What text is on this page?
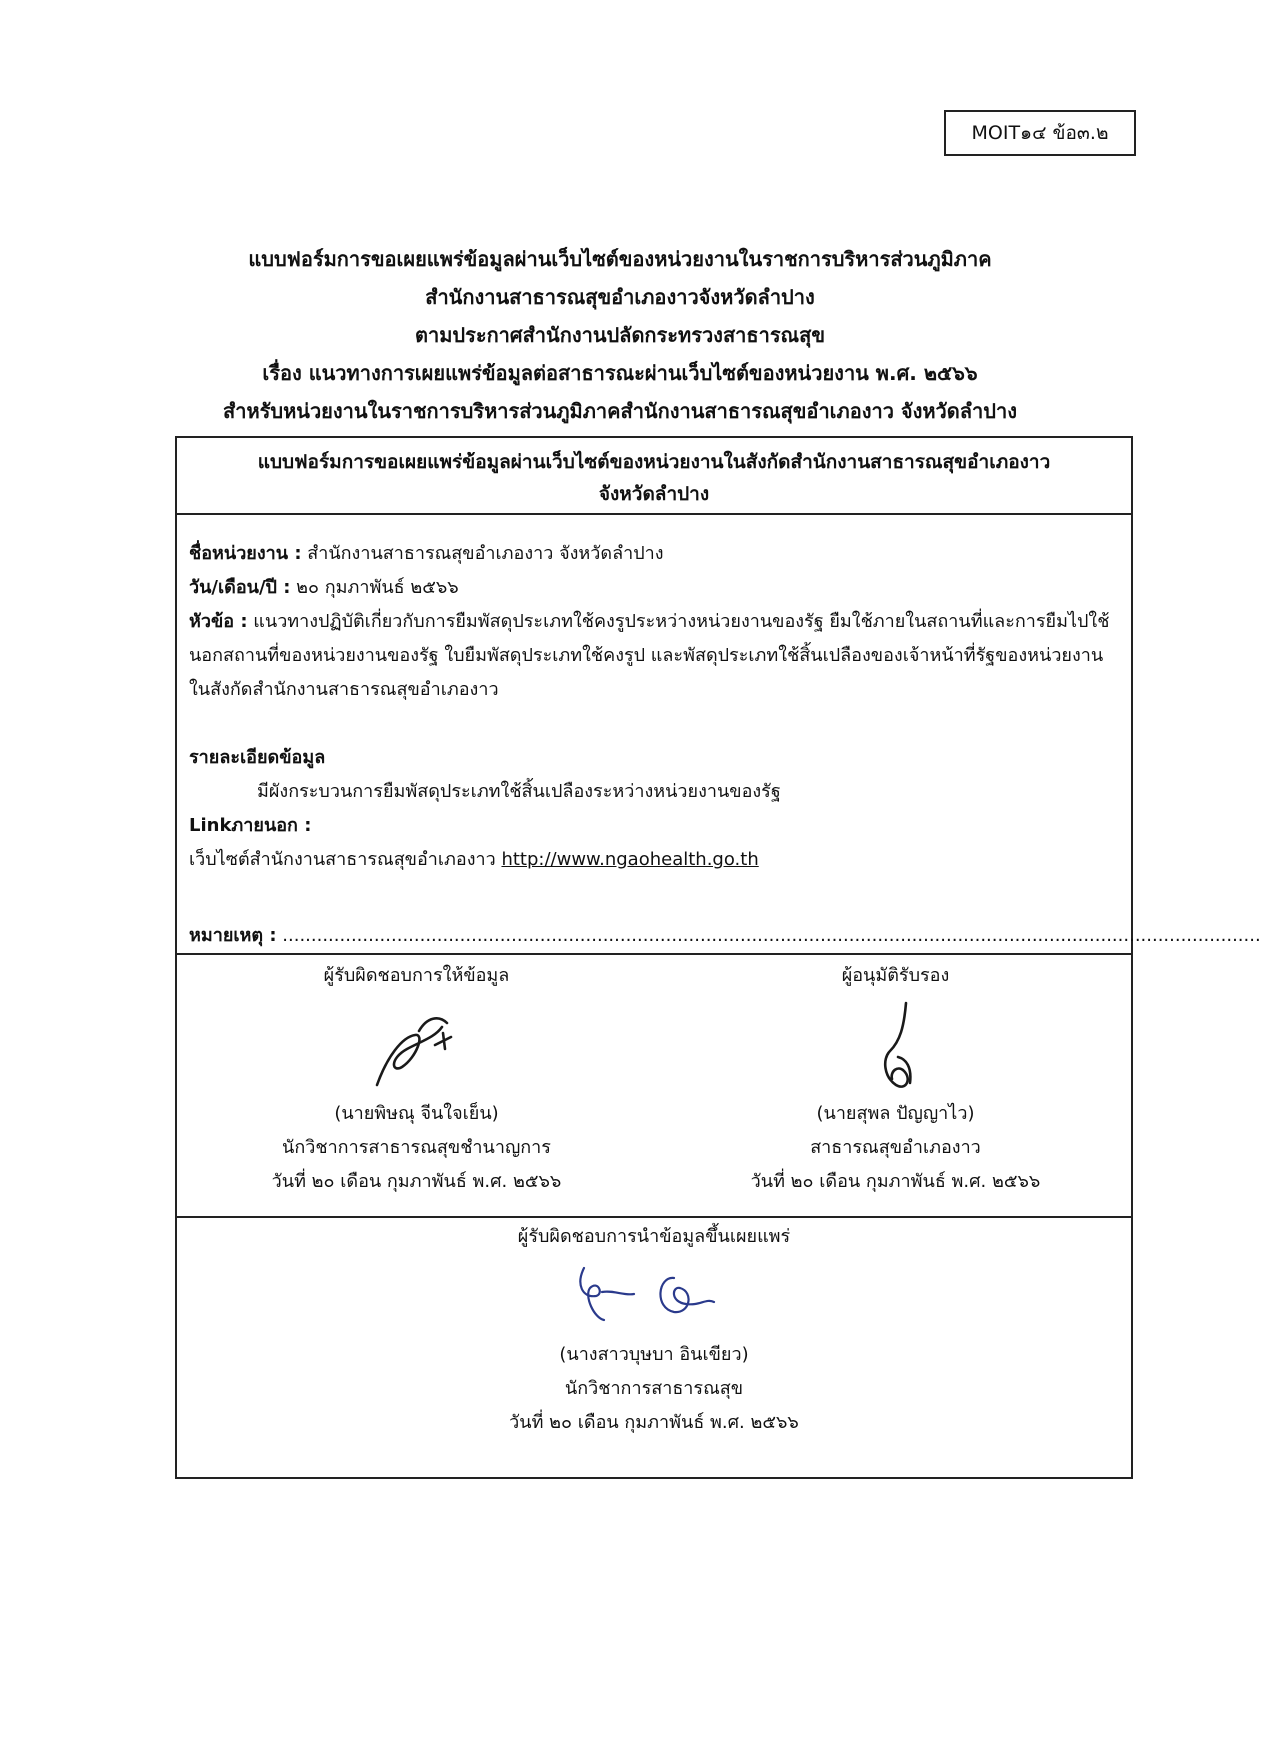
MOIT๑๔ ข้อ๓.๒
แบบฟอร์มการขอเผยแพร่ข้อมูลผ่านเว็บไซต์ของหน่วยงานในราชการบริหารส่วนภูมิภาค
สำนักงานสาธารณสุขอำเภองาวจังหวัดลำปาง
ตามประกาศสำนักงานปลัดกระทรวงสาธารณสุข
เรื่อง แนวทางการเผยแพร่ข้อมูลต่อสาธารณะผ่านเว็บไซต์ของหน่วยงาน พ.ศ. ๒๕๖๖
สำหรับหน่วยงานในราชการบริหารส่วนภูมิภาคสำนักงานสาธารณสุขอำเภองาว จังหวัดลำปาง
แบบฟอร์มการขอเผยแพร่ข้อมูลผ่านเว็บไซต์ของหน่วยงานในสังกัดสำนักงานสาธารณสุขอำเภองาว
จังหวัดลำปาง
ชื่อหน่วยงาน : สำนักงานสาธารณสุขอำเภองาว จังหวัดลำปาง
วัน/เดือน/ปี : ๒๐ กุมภาพันธ์ ๒๕๖๖
หัวข้อ : แนวทางปฏิบัติเกี่ยวกับการยืมพัสดุประเภทใช้คงรูประหว่างหน่วยงานของรัฐ ยืมใช้ภายในสถานที่และการยืมไปใช้นอกสถานที่ของหน่วยงานของรัฐ ใบยืมพัสดุประเภทใช้คงรูป และพัสดุประเภทใช้สิ้นเปลืองของเจ้าหน้าที่รัฐของหน่วยงานในสังกัดสำนักงานสาธารณสุขอำเภองาว
รายละเอียดข้อมูล
มีผังกระบวนการยืมพัสดุประเภทใช้สิ้นเปลืองระหว่างหน่วยงานของรัฐ
Linkภายนอก :
เว็บไซต์สำนักงานสาธารณสุขอำเภองาว http://www.ngaohealth.go.th
หมายเหตุ : ...........................................................................................................................................................................
ผู้รับผิดชอบการให้ข้อมูล
(นายพิษณุ จีนใจเย็น)
นักวิชาการสาธารณสุขชำนาญการ
วันที่ ๒๐ เดือน กุมภาพันธ์ พ.ศ. ๒๕๖๖
ผู้อนุมัติรับรอง
(นายสุพล ปัญญาไว)
สาธารณสุขอำเภองาว
วันที่ ๒๐ เดือน กุมภาพันธ์ พ.ศ. ๒๕๖๖
ผู้รับผิดชอบการนำข้อมูลขึ้นเผยแพร่
(นางสาวบุษบา อินเขียว)
นักวิชาการสาธารณสุข
วันที่ ๒๐ เดือน กุมภาพันธ์ พ.ศ. ๒๕๖๖
